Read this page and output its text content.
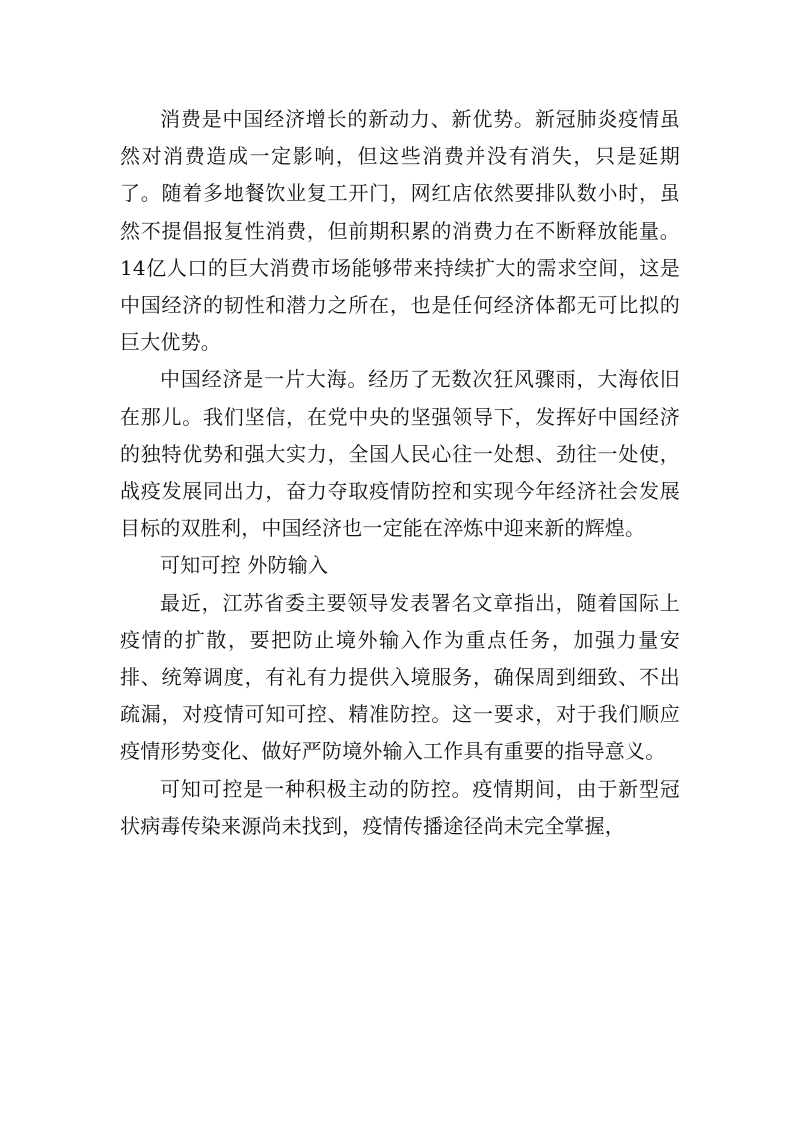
消费是中国经济增长的新动力、新优势。新冠肺炎疫情虽然对消费造成一定影响，但这些消费并没有消失，只是延期了。随着多地餐饮业复工开门，网红店依然要排队数小时，虽然不提倡报复性消费，但前期积累的消费力在不断释放能量。14亿人口的巨大消费市场能够带来持续扩大的需求空间，这是中国经济的韧性和潜力之所在，也是任何经济体都无可比拟的巨大优势。

中国经济是一片大海。经历了无数次狂风骤雨，大海依旧在那儿。我们坚信，在党中央的坚强领导下，发挥好中国经济的独特优势和强大实力，全国人民心往一处想、劲往一处使，战疫发展同出力，奋力夺取疫情防控和实现今年经济社会发展目标的双胜利，中国经济也一定能在淬炼中迎来新的辉煌。

可知可控 外防输入

最近，江苏省委主要领导发表署名文章指出，随着国际上疫情的扩散，要把防止境外输入作为重点任务，加强力量安排、统筹调度，有礼有力提供入境服务，确保周到细致、不出疏漏，对疫情可知可控、精准防控。这一要求，对于我们顺应疫情形势变化、做好严防境外输入工作具有重要的指导意义。

可知可控是一种积极主动的防控。疫情期间，由于新型冠状病毒传染来源尚未找到，疫情传播途径尚未完全掌握，
